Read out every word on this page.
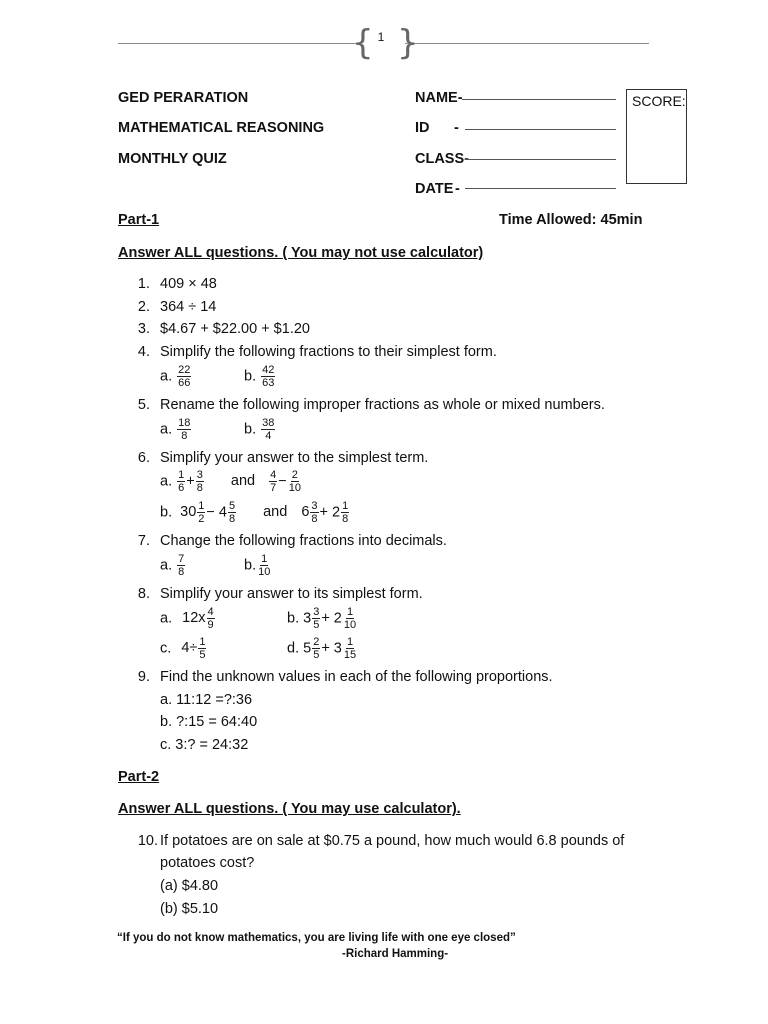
{ }
1
GED PERARATION
MATHEMATICAL REASONING
MONTHLY QUIZ
NAME-
ID -
CLASS-
DATE -
SCORE:
Part-1	Time Allowed: 45min
Answer ALL questions. ( You may not use calculator)
1. 409 × 48
2. 364 ÷ 14
3. $4.67 + $22.00 + $1.20
4. Simplify the following fractions to their simplest form.
a. $\frac{22}{66}$	b. $\frac{42}{63}$
5. Rename the following improper fractions as whole or mixed numbers.
a. $\frac{18}{8}$	b. $\frac{38}{4}$
6. Simplify your answer to the simplest term.
a. $\frac{1}{6} + \frac{3}{8}$ and $\frac{4}{7} - \frac{2}{10}$
b. $30 \frac{1}{2} - 4 \frac{5}{8}$ and $6 \frac{3}{8} + 2 \frac{1}{8}$
7. Change the following fractions into decimals.
a. $\frac{7}{8}$	b. $\frac{1}{10}$
8. Simplify your answer to its simplest form.
a. $12x \frac{4}{9}$	b. $3 \frac{3}{5} + 2 \frac{1}{10}$
c. $4\div \frac{1}{5}$	d. $5 \frac{2}{5} + 3 \frac{1}{15}$
9. Find the unknown values in each of the following proportions.
a. 11:12 =?:36
b. ?:15 = 64:40
c. 3:? = 24:32
Part-2
Answer ALL questions. ( You may use calculator).
10. If potatoes are on sale at $0.75 a pound, how much would 6.8 pounds of
potatoes cost?
(a) $4.80
(b) $5.10
“If you do not know mathematics, you are living life with one eye closed”
-Richard Hamming-
